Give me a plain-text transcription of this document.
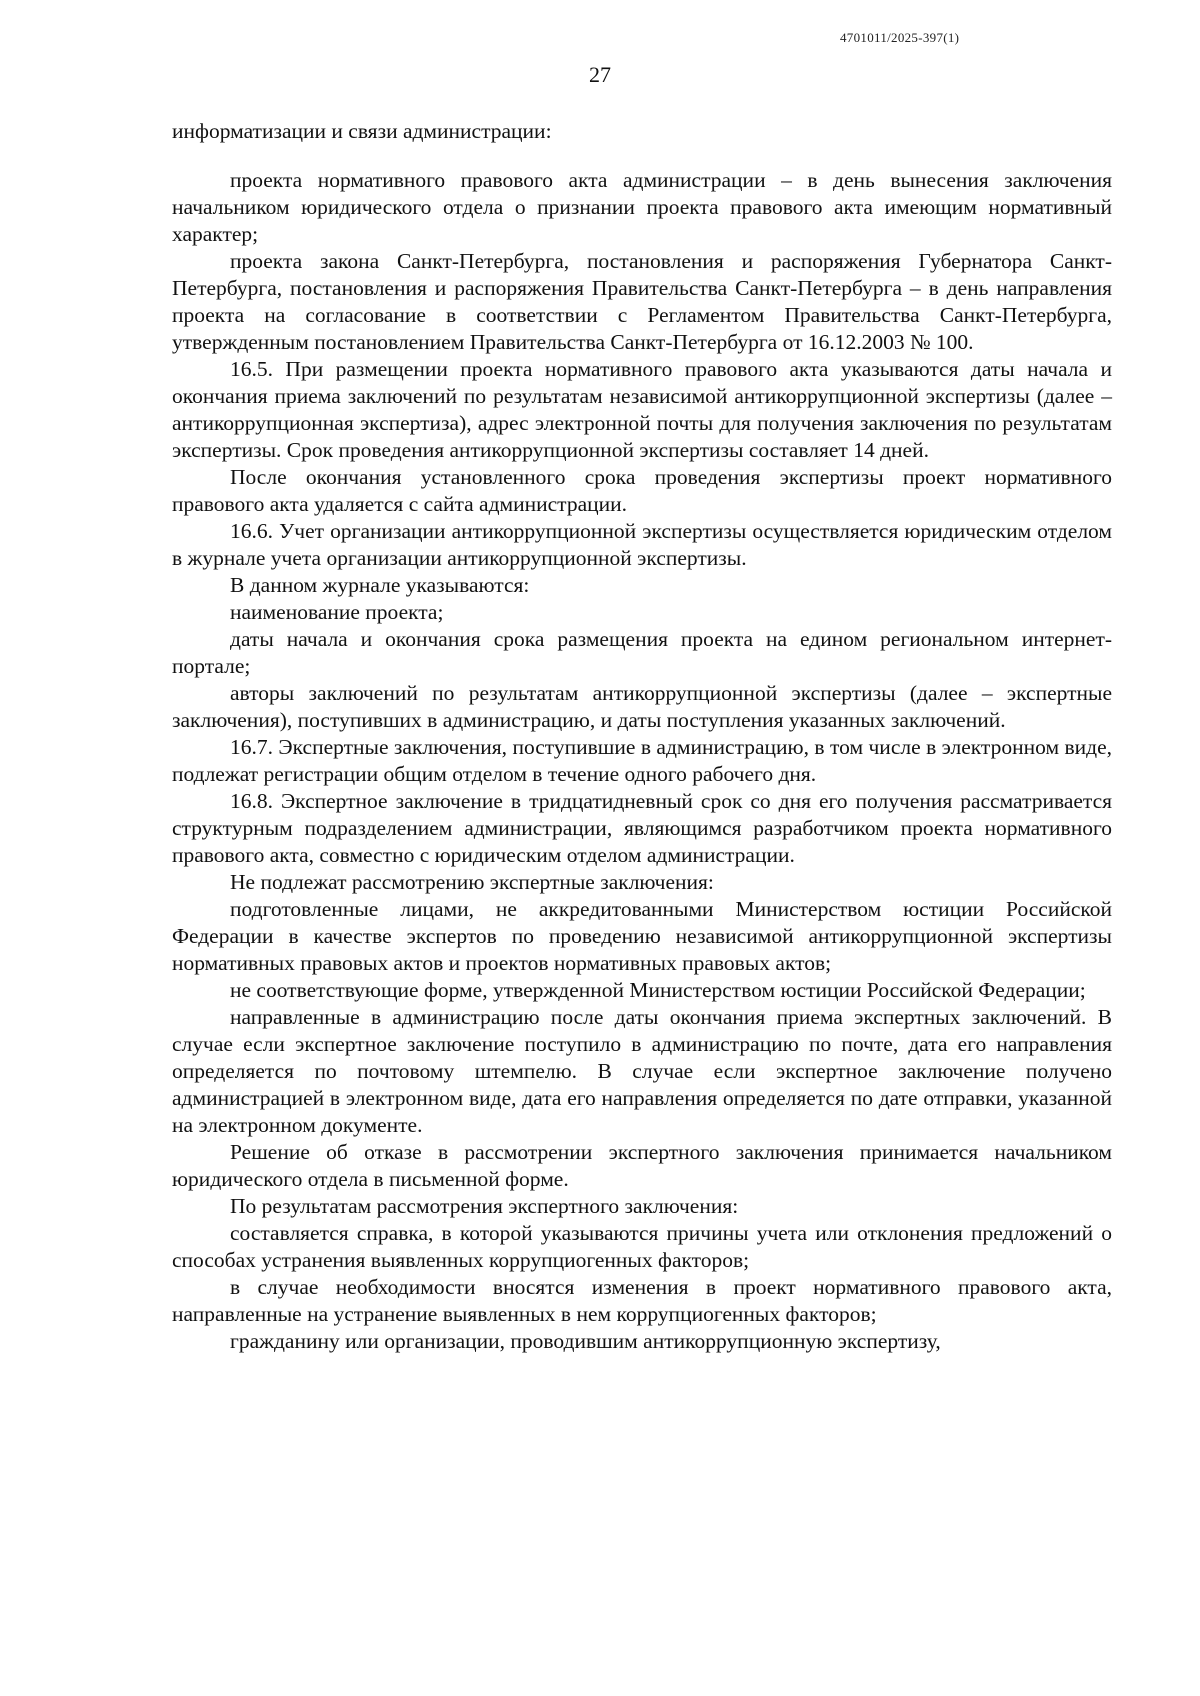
4701011/2025-397(1)
27

информатизации и связи администрации:

проекта нормативного правового акта администрации – в день вынесения заключения начальником юридического отдела о признании проекта правового акта имеющим нормативный характер;

проекта закона Санкт-Петербурга, постановления и распоряжения Губернатора Санкт-Петербурга, постановления и распоряжения Правительства Санкт-Петербурга – в день направления проекта на согласование в соответствии с Регламентом Правительства Санкт-Петербурга, утвержденным постановлением Правительства Санкт-Петербурга от 16.12.2003 № 100.

16.5. При размещении проекта нормативного правового акта указываются даты начала и окончания приема заключений по результатам независимой антикоррупционной экспертизы (далее – антикоррупционная экспертиза), адрес электронной почты для получения заключения по результатам экспертизы. Срок проведения антикоррупционной экспертизы составляет 14 дней.

После окончания установленного срока проведения экспертизы проект нормативного правового акта удаляется с сайта администрации.

16.6. Учет организации антикоррупционной экспертизы осуществляется юридическим отделом в журнале учета организации антикоррупционной экспертизы.

В данном журнале указываются:

наименование проекта;

даты начала и окончания срока размещения проекта на едином региональном интернет-портале;

авторы заключений по результатам антикоррупционной экспертизы (далее – экспертные заключения), поступивших в администрацию, и даты поступления указанных заключений.

16.7. Экспертные заключения, поступившие в администрацию, в том числе в электронном виде, подлежат регистрации общим отделом в течение одного рабочего дня.

16.8. Экспертное заключение в тридцатидневный срок со дня его получения рассматривается структурным подразделением администрации, являющимся разработчиком проекта нормативного правового акта, совместно с юридическим отделом администрации.

Не подлежат рассмотрению экспертные заключения:

подготовленные лицами, не аккредитованными Министерством юстиции Российской Федерации в качестве экспертов по проведению независимой антикоррупционной экспертизы нормативных правовых актов и проектов нормативных правовых актов;

не соответствующие форме, утвержденной Министерством юстиции Российской Федерации;

направленные в администрацию после даты окончания приема экспертных заключений. В случае если экспертное заключение поступило в администрацию по почте, дата его направления определяется по почтовому штемпелю. В случае если экспертное заключение получено администрацией в электронном виде, дата его направления определяется по дате отправки, указанной на электронном документе.

Решение об отказе в рассмотрении экспертного заключения принимается начальником юридического отдела в письменной форме.

По результатам рассмотрения экспертного заключения:

составляется справка, в которой указываются причины учета или отклонения предложений о способах устранения выявленных коррупциогенных факторов;

в случае необходимости вносятся изменения в проект нормативного правового акта, направленные на устранение выявленных в нем коррупциогенных факторов;

гражданину или организации, проводившим антикоррупционную экспертизу,
